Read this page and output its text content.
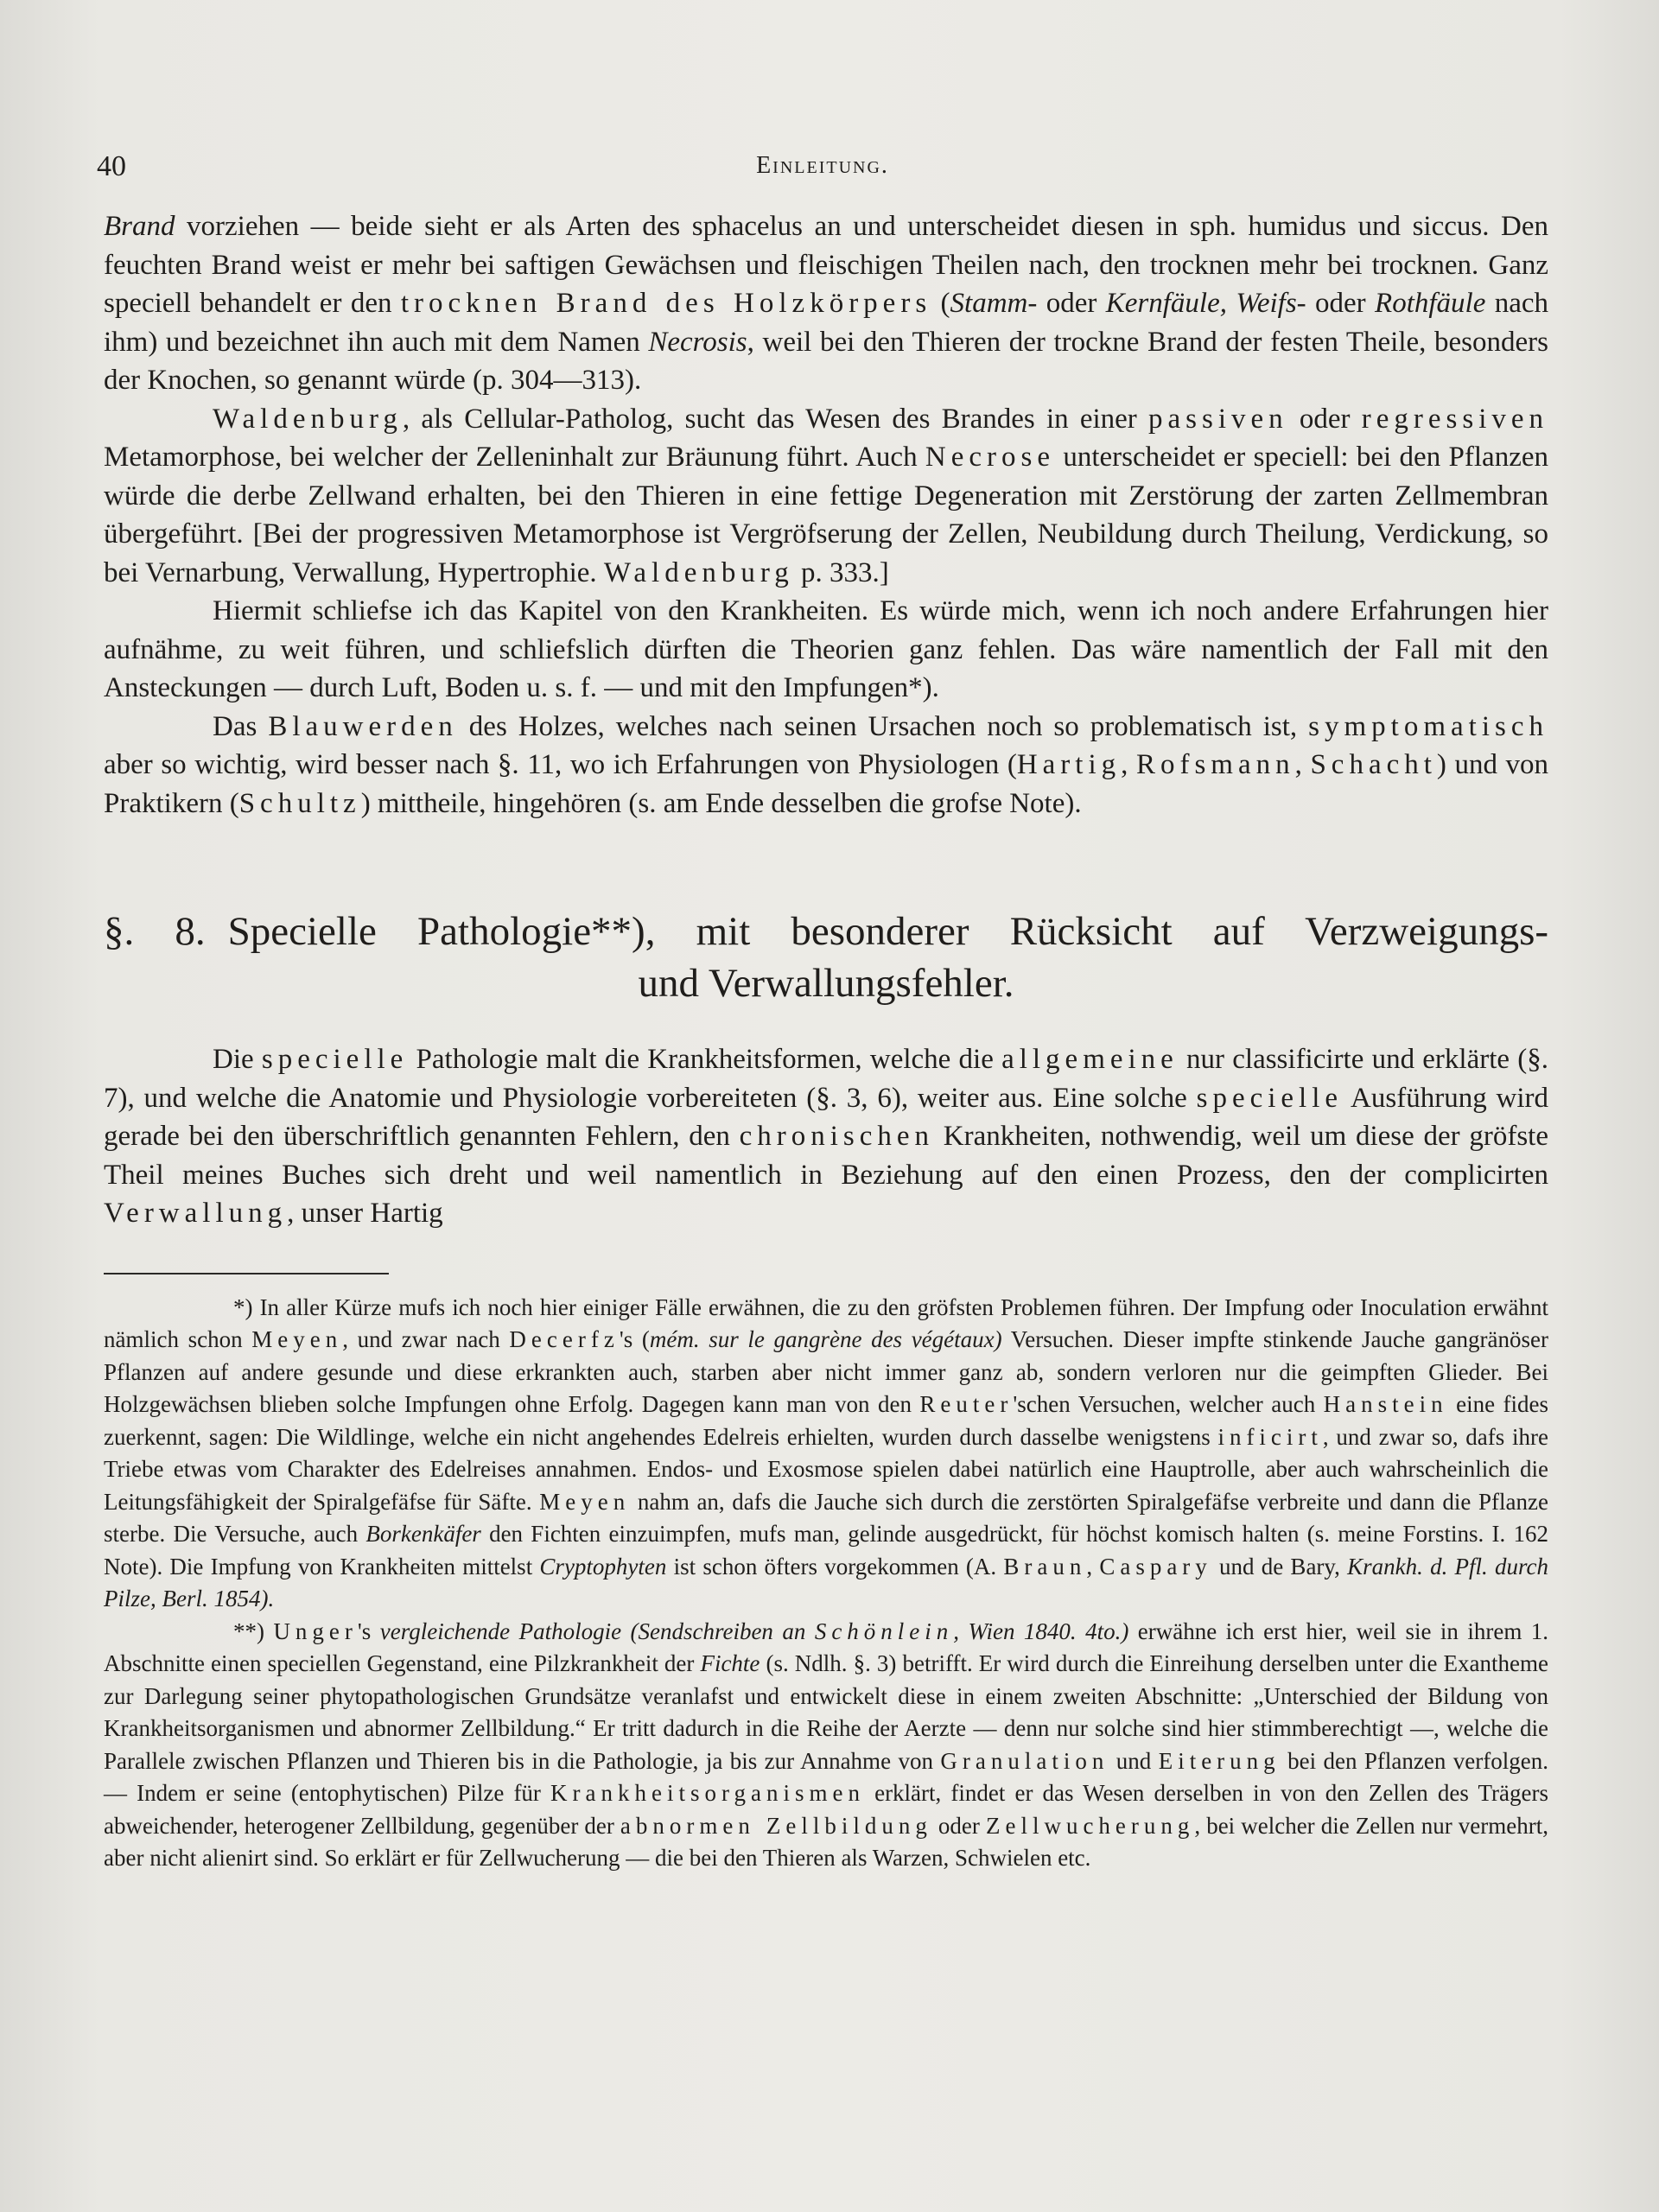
40	Einleitung.

Brand vorziehen — beide sieht er als Arten des sphacelus an und unterscheidet diesen in sph. humidus und siccus. Den feuchten Brand weist er mehr bei saftigen Gewächsen und fleischigen Theilen nach, den trocknen mehr bei trocknen. Ganz speciell behandelt er den trocknen Brand des Holzkörpers (Stamm- oder Kernfäule, Weifs- oder Rothfäule nach ihm) und bezeichnet ihn auch mit dem Namen Necrosis, weil bei den Thieren der trockne Brand der festen Theile, besonders der Knochen, so genannt würde (p. 304—313).

Waldenburg, als Cellular-Patholog, sucht das Wesen des Brandes in einer passiven oder regressiven Metamorphose, bei welcher der Zelleninhalt zur Bräunung führt. Auch Necrose unterscheidet er speciell: bei den Pflanzen würde die derbe Zellwand erhalten, bei den Thieren in eine fettige Degeneration mit Zerstörung der zarten Zellmembran übergeführt. [Bei der progressiven Metamorphose ist Vergröfserung der Zellen, Neubildung durch Theilung, Verdickung, so bei Vernarbung, Verwallung, Hypertrophie. Waldenburg p. 333.]

Hiermit schliefse ich das Kapitel von den Krankheiten. Es würde mich, wenn ich noch andere Erfahrungen hier aufnähme, zu weit führen, und schliefslich dürften die Theorien ganz fehlen. Das wäre namentlich der Fall mit den Ansteckungen — durch Luft, Boden u. s. f. — und mit den Impfungen*).

Das Blauwerden des Holzes, welches nach seinen Ursachen noch so problematisch ist, symptomatisch aber so wichtig, wird besser nach §. 11, wo ich Erfahrungen von Physiologen (Hartig, Rofsmann, Schacht) und von Praktikern (Schultz) mittheile, hingehören (s. am Ende desselben die grofse Note).

§. 8. Specielle Pathologie**), mit besonderer Rücksicht auf Verzweigungs-
und Verwallungsfehler.

Die specielle Pathologie malt die Krankheitsformen, welche die allgemeine nur classificirte und erklärte (§. 7), und welche die Anatomie und Physiologie vorbereiteten (§. 3, 6), weiter aus. Eine solche specielle Ausführung wird gerade bei den überschriftlich genannten Fehlern, den chronischen Krankheiten, nothwendig, weil um diese der gröfste Theil meines Buches sich dreht und weil namentlich in Beziehung auf den einen Prozess, den der complicirten Verwallung, unser Hartig

*) In aller Kürze mufs ich noch hier einiger Fälle erwähnen, die zu den gröfsten Problemen führen. Der Impfung oder Inoculation erwähnt nämlich schon Meyen, und zwar nach Decerfz's (mém. sur le gangrène des végétaux) Versuchen. Dieser impfte stinkende Jauche gangränöser Pflanzen auf andere gesunde und diese erkrankten auch, starben aber nicht immer ganz ab, sondern verloren nur die geimpften Glieder. Bei Holzgewächsen blieben solche Impfungen ohne Erfolg. Dagegen kann man von den Reuter'schen Versuchen, welcher auch Hanstein eine fides zuerkennt, sagen: Die Wildlinge, welche ein nicht angehendes Edelreis erhielten, wurden durch dasselbe wenigstens inficirt, und zwar so, dafs ihre Triebe etwas vom Charakter des Edelreises annahmen. Endos- und Exosmose spielen dabei natürlich eine Hauptrolle, aber auch wahrscheinlich die Leitungsfähigkeit der Spiralgefäfse für Säfte. Meyen nahm an, dafs die Jauche sich durch die zerstörten Spiralgefäfse verbreite und dann die Pflanze sterbe. Die Versuche, auch Borkenkäfer den Fichten einzuimpfen, mufs man, gelinde ausgedrückt, für höchst komisch halten (s. meine Forstins. I. 162 Note). Die Impfung von Krankheiten mittelst Cryptophyten ist schon öfters vorgekommen (A. Braun, Caspary und de Bary, Krankh. d. Pfl. durch Pilze, Berl. 1854).

**) Unger's vergleichende Pathologie (Sendschreiben an Schönlein, Wien 1840. 4to.) erwähne ich erst hier, weil sie in ihrem 1. Abschnitte einen speciellen Gegenstand, eine Pilzkrankheit der Fichte (s. Ndlh. §. 3) betrifft. Er wird durch die Einreihung derselben unter die Exantheme zur Darlegung seiner phytopathologischen Grundsätze veranlafst und entwickelt diese in einem zweiten Abschnitte: „Unterschied der Bildung von Krankheitsorganismen und abnormer Zellbildung.“ Er tritt dadurch in die Reihe der Aerzte — denn nur solche sind hier stimmberechtigt —, welche die Parallele zwischen Pflanzen und Thieren bis in die Pathologie, ja bis zur Annahme von Granulation und Eiterung bei den Pflanzen verfolgen. — Indem er seine (entophytischen) Pilze für Krankheitsorganismen erklärt, findet er das Wesen derselben in von den Zellen des Trägers abweichender, heterogener Zellbildung, gegenüber der abnormen Zellbildung oder Zellwucherung, bei welcher die Zellen nur vermehrt, aber nicht alienirt sind. So erklärt er für Zellwucherung — die bei den Thieren als Warzen, Schwielen etc.
